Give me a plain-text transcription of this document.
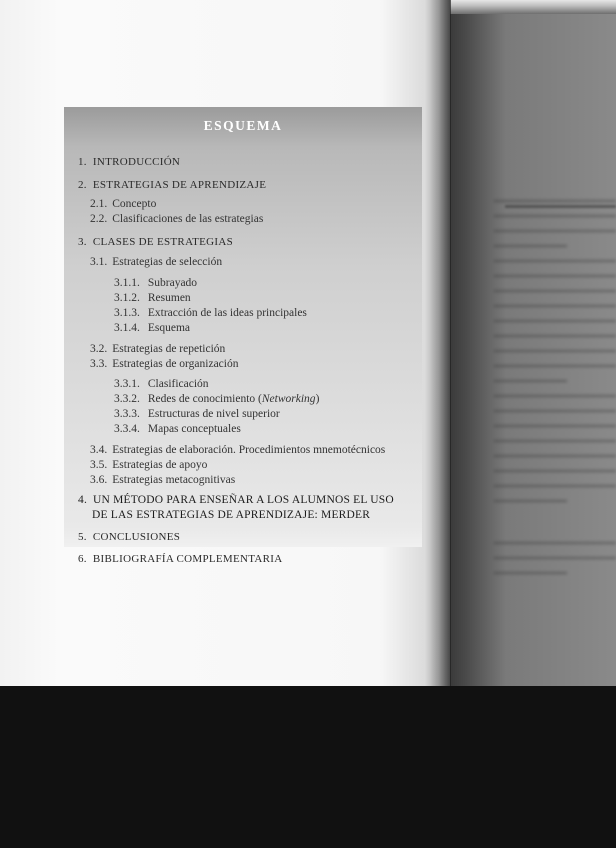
ESQUEMA
1. INTRODUCCIÓN
2. ESTRATEGIAS DE APRENDIZAJE
2.1. Concepto
2.2. Clasificaciones de las estrategias
3. CLASES DE ESTRATEGIAS
3.1. Estrategias de selección
3.1.1. Subrayado
3.1.2. Resumen
3.1.3. Extracción de las ideas principales
3.1.4. Esquema
3.2. Estrategias de repetición
3.3. Estrategias de organización
3.3.1. Clasificación
3.3.2. Redes de conocimiento (Networking)
3.3.3. Estructuras de nivel superior
3.3.4. Mapas conceptuales
3.4. Estrategias de elaboración. Procedimientos mnemotécnicos
3.5. Estrategias de apoyo
3.6. Estrategias metacognitivas
4. UN MÉTODO PARA ENSEÑAR A LOS ALUMNOS EL USO
DE LAS ESTRATEGIAS DE APRENDIZAJE: MERDER
5. CONCLUSIONES
6. BIBLIOGRAFÍA COMPLEMENTARIA
